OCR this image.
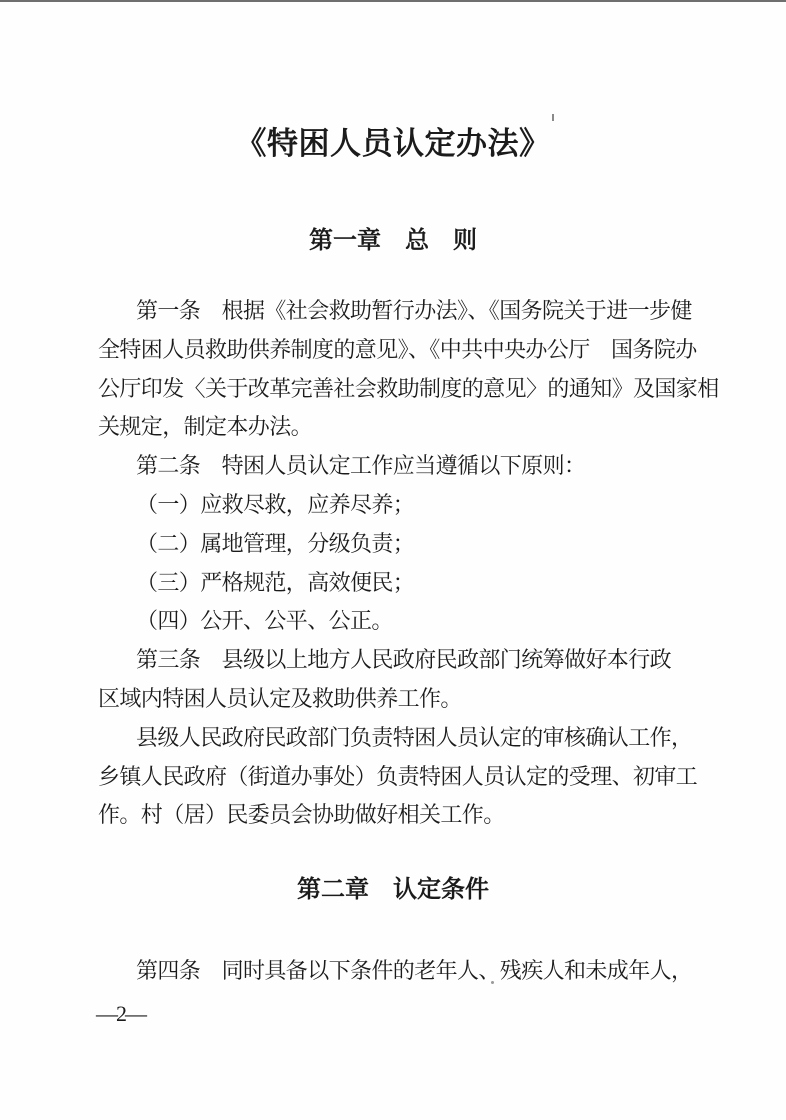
《特困人员认定办法》
第一章　总　则
第一条　根据《社会救助暂行办法》、《国务院关于进一步健
全特困人员救助供养制度的意见》、《中共中央办公厅　国务院办
公厅印发〈关于改革完善社会救助制度的意见〉的通知》及国家相
关规定，制定本办法。
第二条　特困人员认定工作应当遵循以下原则：
（一）应救尽救，应养尽养；
（二）属地管理，分级负责；
（三）严格规范，高效便民；
（四）公开、公平、公正。
第三条　县级以上地方人民政府民政部门统筹做好本行政
区域内特困人员认定及救助供养工作。
县级人民政府民政部门负责特困人员认定的审核确认工作，
乡镇人民政府（街道办事处）负责特困人员认定的受理、初审工
作。村（居）民委员会协助做好相关工作。
第二章　认定条件
第四条　同时具备以下条件的老年人、残疾人和未成年人，
—2—
